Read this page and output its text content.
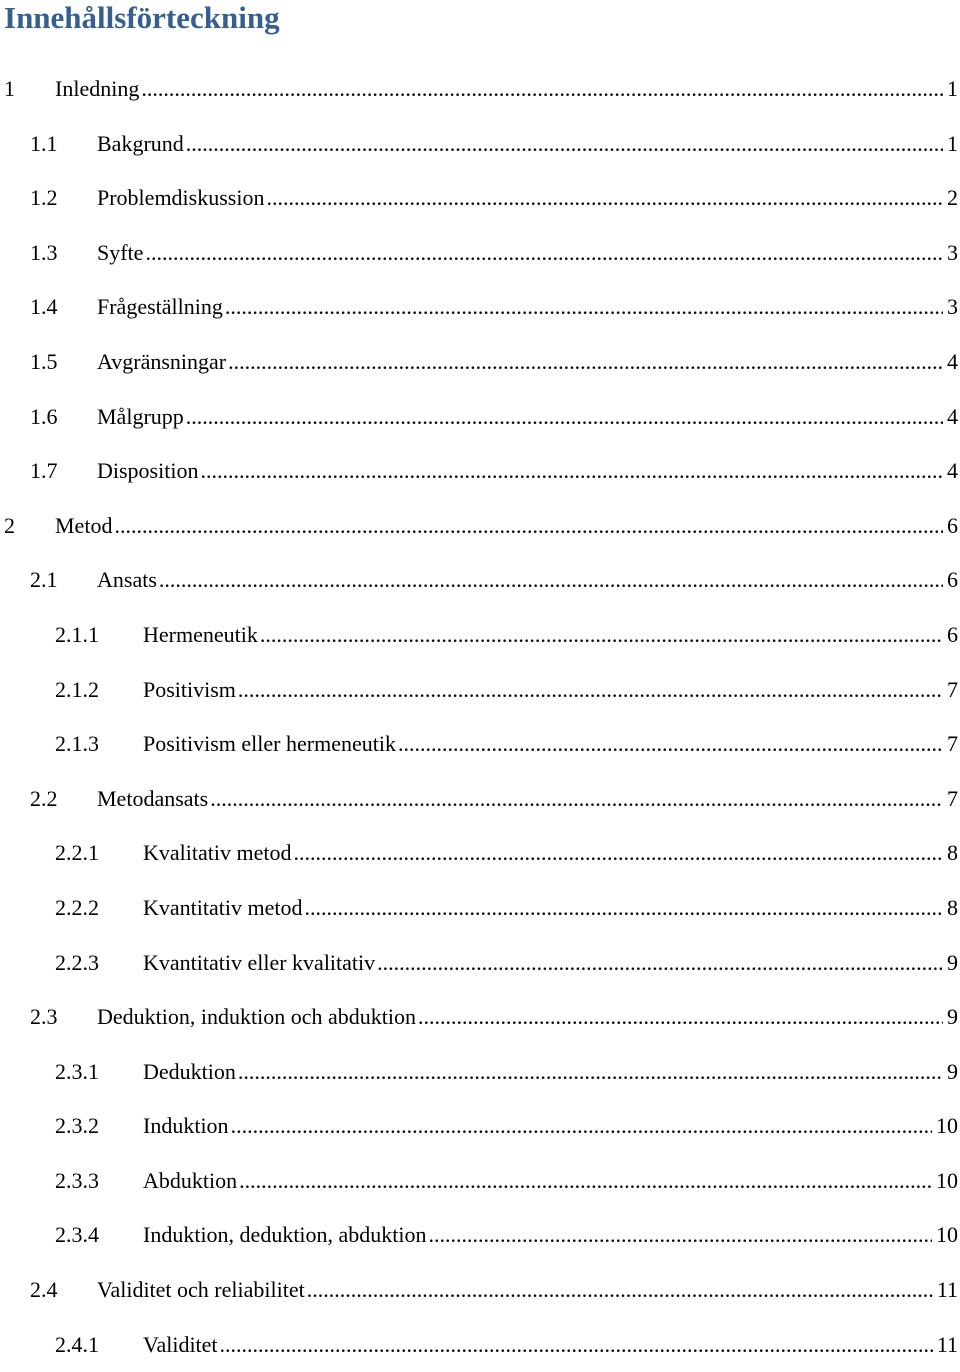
Innehållsförteckning
1 Inledning .....	1
1.1 Bakgrund .....	1
1.2 Problemdiskussion .....	2
1.3 Syfte .....	3
1.4 Frågeställning .....	3
1.5 Avgränsningar .....	4
1.6 Målgrupp .....	4
1.7 Disposition .....	4
2 Metod .....	6
2.1 Ansats .....	6
2.1.1 Hermeneutik .....	6
2.1.2 Positivism .....	7
2.1.3 Positivism eller hermeneutik .....	7
2.2 Metodansats .....	7
2.2.1 Kvalitativ metod .....	8
2.2.2 Kvantitativ metod .....	8
2.2.3 Kvantitativ eller kvalitativ .....	9
2.3 Deduktion, induktion och abduktion .....	9
2.3.1 Deduktion .....	9
2.3.2 Induktion .....	10
2.3.3 Abduktion .....	10
2.3.4 Induktion, deduktion, abduktion .....	10
2.4 Validitet och reliabilitet .....	11
2.4.1 Validitet .....	11
